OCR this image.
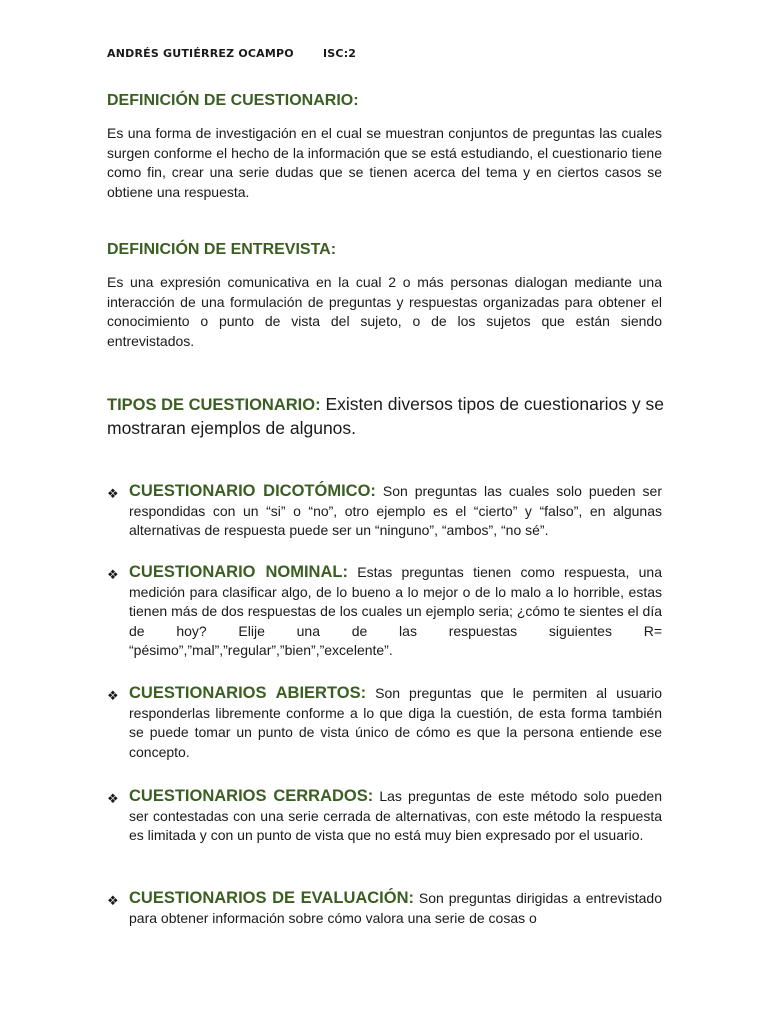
ANDRÉS GUTIÉRREZ OCAMPO	ISC:2
DEFINICIÓN DE CUESTIONARIO:

Es una forma de investigación en el cual se muestran conjuntos de preguntas las cuales surgen conforme el hecho de la información que se está estudiando, el cuestionario tiene como fin, crear una serie dudas que se tienen acerca del tema y en ciertos casos se obtiene una respuesta.

DEFINICIÓN DE ENTREVISTA:

Es una expresión comunicativa en la cual 2 o más personas dialogan mediante una interacción de una formulación de preguntas y respuestas organizadas para obtener el conocimiento o punto de vista del sujeto, o de los sujetos que están siendo entrevistados.

TIPOS DE CUESTIONARIO: Existen diversos tipos de cuestionarios y se mostraran ejemplos de algunos.

❖ CUESTIONARIO DICOTÓMICO: Son preguntas las cuales solo pueden ser respondidas con un “si” o “no”, otro ejemplo es el “cierto” y “falso”, en algunas alternativas de respuesta puede ser un “ninguno”, “ambos”, “no sé”.
❖ CUESTIONARIO NOMINAL: Estas preguntas tienen como respuesta, una medición para clasificar algo, de lo bueno a lo mejor o de lo malo a lo horrible, estas tienen más de dos respuestas de los cuales un ejemplo seria; ¿cómo te sientes el día de hoy? Elije una de las respuestas siguientes R= “pésimo”,”mal”,”regular”,”bien”,”excelente”.
❖ CUESTIONARIOS ABIERTOS: Son preguntas que le permiten al usuario responderlas libremente conforme a lo que diga la cuestión, de esta forma también se puede tomar un punto de vista único de cómo es que la persona entiende ese concepto.
❖ CUESTIONARIOS CERRADOS: Las preguntas de este método solo pueden ser contestadas con una serie cerrada de alternativas, con este método la respuesta es limitada y con un punto de vista que no está muy bien expresado por el usuario.
❖ CUESTIONARIOS DE EVALUACIÓN: Son preguntas dirigidas a entrevistado para obtener información sobre cómo valora una serie de cosas o
